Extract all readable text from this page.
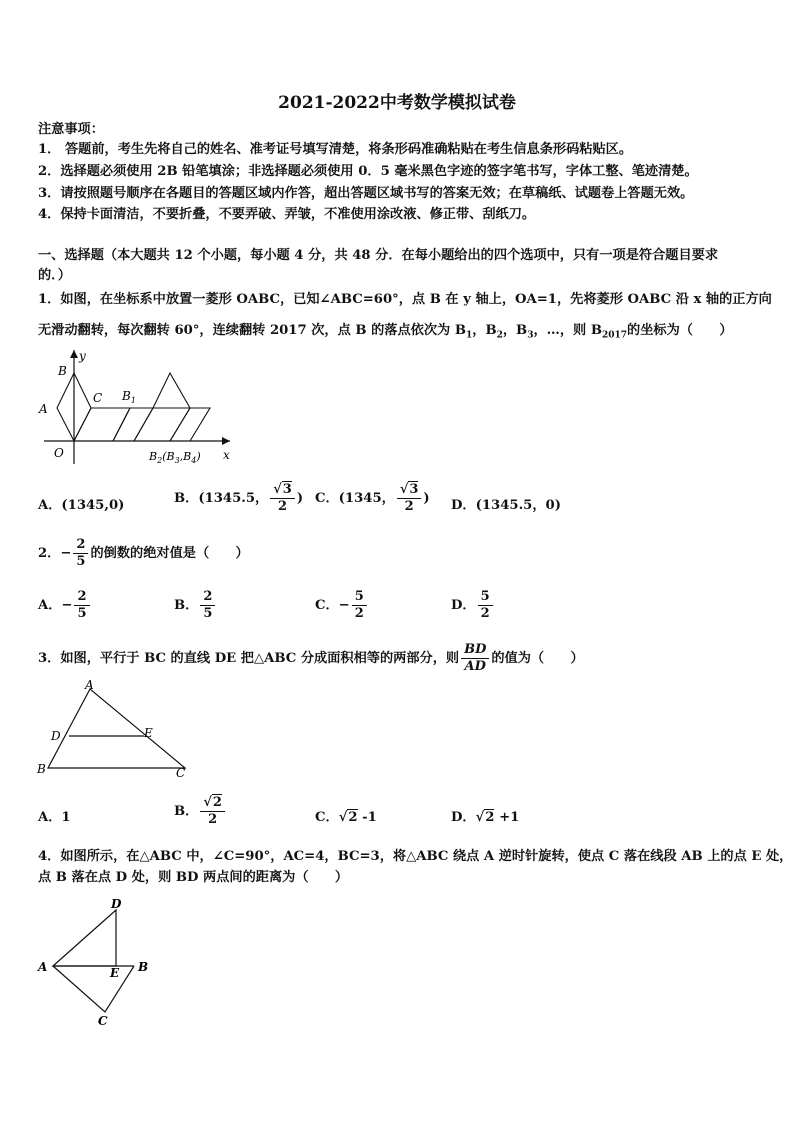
2021-2022中考数学模拟试卷
注意事项：
1． 答题前，考生先将自己的姓名、准考证号填写清楚，将条形码准确粘贴在考生信息条形码粘贴区。
2．选择题必须使用 2B 铅笔填涂；非选择题必须使用 0．5 毫米黑色字迹的签字笔书写，字体工整、笔迹清楚。
3．请按照题号顺序在各题目的答题区域内作答，超出答题区域书写的答案无效；在草稿纸、试题卷上答题无效。
4．保持卡面清洁，不要折叠，不要弄破、弄皱，不准使用涂改液、修正带、刮纸刀。
一、选择题（本大题共 12 个小题，每小题 4 分，共 48 分．在每小题给出的四个选项中，只有一项是符合题目要求
的．）
1．如图，在坐标系中放置一菱形 OABC，已知∠ABC=60°，点 B 在 y 轴上，OA=1，先将菱形 OABC 沿 x 轴的正方向
无滑动翻转，每次翻转 60°，连续翻转 2017 次，点 B 的落点依次为 $B_1$，$B_2$，$B_3$，…，则 $B_{2017}$的坐标为（　　）
y
B
A
C $B_1$
O	$B_2(B_3,B_4)$ x
A．(1345,0)	B．(1345.5， $\frac{√3}{2}$ ) C．(1345， $\frac{√3}{2}$ ) D．(1345.5，0)
2．− $\frac{2}{5}$ 的倒数的绝对值是（　　）
A．− $\frac{2}{5}$	B． $\frac{2}{5}$	C．− $\frac{5}{2}$	D． $\frac{5}{2}$
3．如图，平行于 BC 的直线 DE 把△ABC 分成面积相等的两部分，则 $\frac{BD}{AD}$ 的值为（　　）
A
D	E
B	C
A．1	B． $\frac{√2}{2}$	C．√2 -1	D．√2 +1
4．如图所示，在△ABC 中，∠C=90°，AC=4，BC=3，将△ABC 绕点 A 逆时针旋转，使点 C 落在线段 AB 上的点 E 处，
点 B 落在点 D 处，则 BD 两点间的距离为（　　）
D
A	E B
C
